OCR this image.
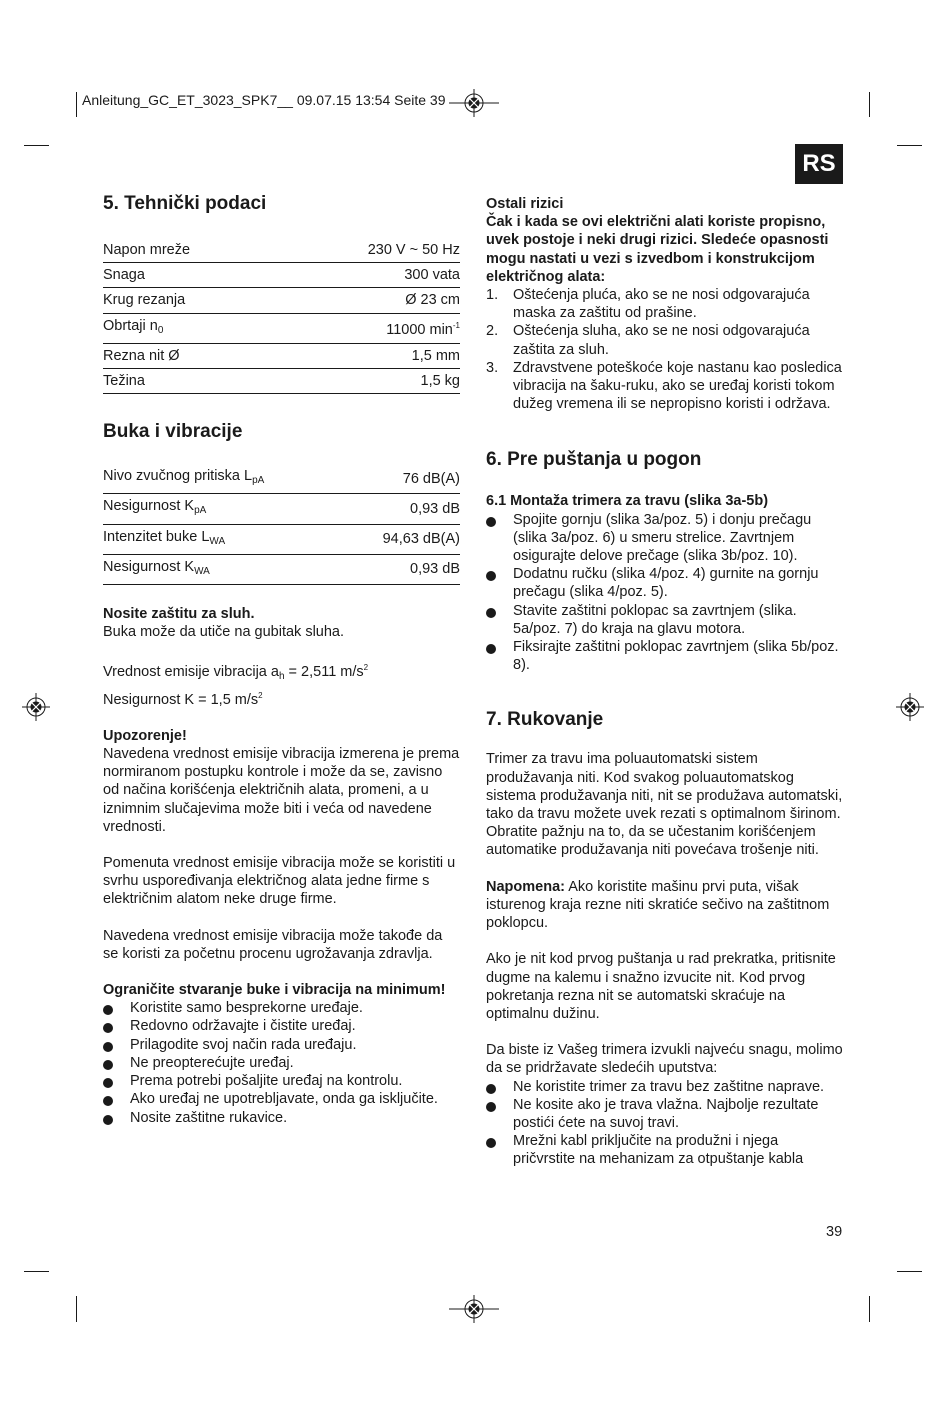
Anleitung_GC_ET_3023_SPK7__ 09.07.15 13:54 Seite 39
RS
5. Tehnički podaci
Napon mreže	230 V ~ 50 Hz
Snaga	300 vata
Krug rezanja	Ø 23 cm
Obrtaji $n_0$	11000 $\min^{-1}$
Rezna nit Ø	1,5 mm
Težina	1,5 kg
Buka i vibracije
Nivo zvučnog pritiska $L_{pA}$	76 dB(A)
Nesigurnost $K_{pA}$	0,93 dB
Intenzitet buke $L_{WA}$	94,63 dB(A)
Nesigurnost $K_{WA}$	0,93 dB

Nosite zaštitu za sluh.

Buka može da utiče na gubitak sluha.

Vrednost emisije vibracija $a_h = 2,511$ $m/s^2$

Nesigurnost K = 1,5 $m/s^2$

Upozorenje!

Navedena vrednost emisije vibracija izmerena je prema normiranom postupku kontrole i može da se, zavisno od načina korišćenja električnih alata, promeni, a u iznimnim slučajevima može biti i veća od navedene vrednosti.

Pomenuta vrednost emisije vibracija može se koristiti u svrhu uspoređivanja električnog alata jedne firme s električnim alatom neke druge firme.

Navedena vrednost emisije vibracija može takođe da se koristi za početnu procenu ugrožavanja zdravlja.

Ograničite stvaranje buke i vibracija na minimum!

Koristite samo besprekorne uređaje.
Redovno održavajte i čistite uređaj.
Prilagodite svoj način rada uređaju.
Ne preopterećujte uređaj.
Prema potrebi pošaljite uređaj na kontrolu.
Ako uređaj ne upotrebljavate, onda ga isključite.
Nosite zaštitne rukavice.

Ostali rizici

Čak i kada se ovi električni alati koriste propisno, uvek postoje i neki drugi rizici. Sledeće opasnosti mogu nastati u vezi s izvedbom i konstrukcijom električnog alata:

1. Oštećenja pluća, ako se ne nosi odgovarajuća maska za zaštitu od prašine.
2. Oštećenja sluha, ako se ne nosi odgovarajuća zaštita za sluh.
3. Zdravstvene poteškoće koje nastanu kao posledica vibracija na šaku-ruku, ako se uređaj koristi tokom dužeg vremena ili se nepropisno koristi i održava.
6. Pre puštanja u pogon

6.1 Montaža trimera za travu (slika 3a-5b)

Spojite gornju (slika 3a/poz. 5) i donju prečagu (slika 3a/poz. 6) u smeru strelice. Zavrtnjem osigurajte delove prečage (slika 3b/poz. 10).
Dodatnu ručku (slika 4/poz. 4) gurnite na gornju prečagu (slika 4/poz. 5).
Stavite zaštitni poklopac sa zavrtnjem (slika. 5a/poz. 7) do kraja na glavu motora.
Fiksirajte zaštitni poklopac zavrtnjem (slika 5b/poz. 8).
7. Rukovanje

Trimer za travu ima poluautomatski sistem produžavanja niti. Kod svakog poluautomatskog sistema produžavanja niti, nit se produžava automatski, tako da travu možete uvek rezati s optimalnom širinom. Obratite pažnju na to, da se učestanim korišćenjem automatike produžavanja niti povećava trošenje niti.

Napomena: Ako koristite mašinu prvi puta, višak isturenog kraja rezne niti skratiće sečivo na zaštitnom poklopcu.

Ako je nit kod prvog puštanja u rad prekratka, pritisnite dugme na kalemu i snažno izvucite nit. Kod prvog pokretanja rezna nit se automatski skraćuje na optimalnu dužinu.

Da biste iz Vašeg trimera izvukli najveću snagu, molimo da se pridržavate sledećih uputstva:

Ne koristite trimer za travu bez zaštitne naprave.
Ne kosite ako je trava vlažna. Najbolje rezultate postići ćete na suvoj travi.
Mrežni kabl priključite na produžni i njega pričvrstite na mehanizam za otpuštanje kabla
39
